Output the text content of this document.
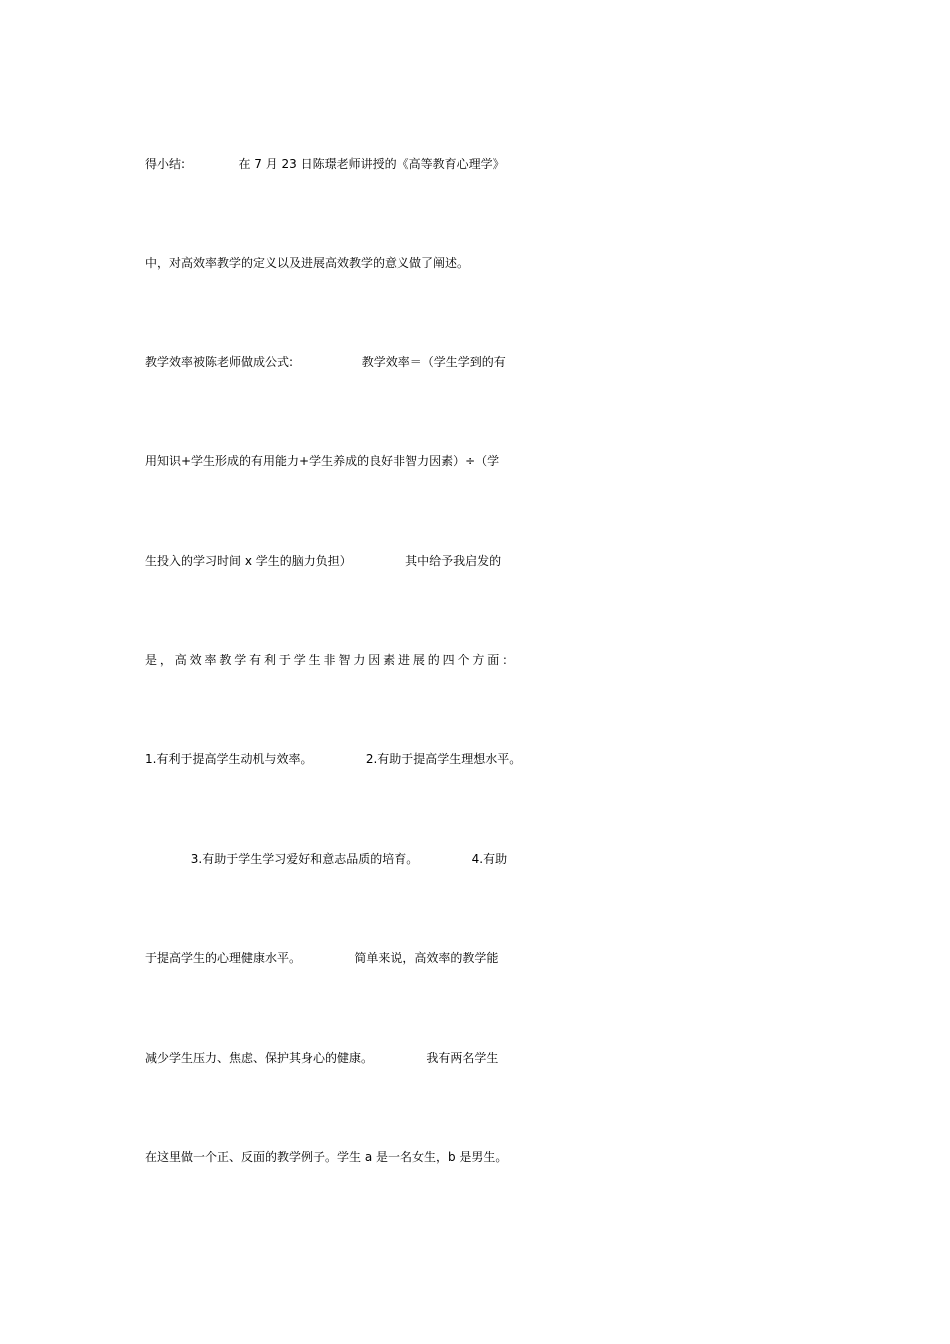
得小结:              在 7 月 23 日陈璟老师讲授的《高等教育心理学》

中，对高效率教学的定义以及进展高效教学的意义做了阐述。

教学效率被陈老师做成公式:                  教学效率＝（学生学到的有

用知识+学生形成的有用能力+学生养成的良好非智力因素）÷（学

生投入的学习时间 x 学生的脑力负担）              其中给予我启发的

是，高效率教学有利于学生非智力因素进展的四个方面：

1.有利于提高学生动机与效率。              2.有助于提高学生理想水平。

3.有助于学生学习爱好和意志品质的培育。              4.有助

于提高学生的心理健康水平。              简单来说，高效率的教学能

减少学生压力、焦虑、保护其身心的健康。              我有两名学生

在这里做一个正、反面的教学例子。学生 a 是一名女生，b 是男生。
